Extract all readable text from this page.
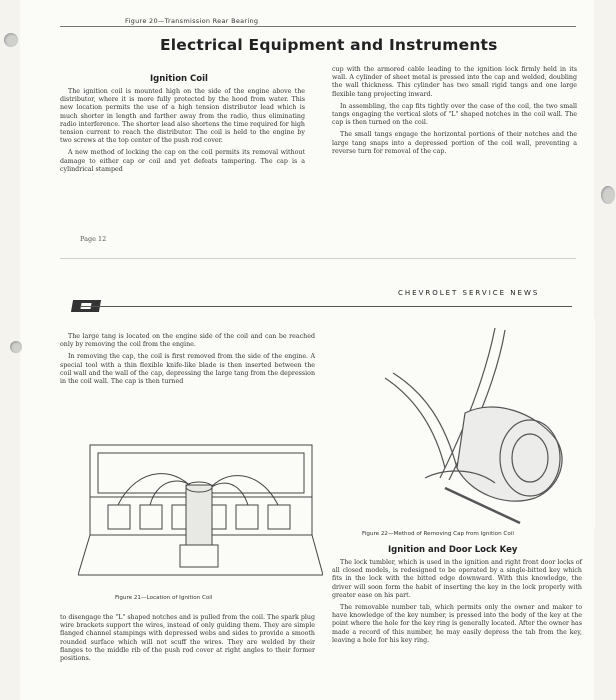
Figure 20—Transmission Rear Bearing
Electrical Equipment and Instruments
Ignition Coil

The ignition coil is mounted high on the side of the engine above the distributor, where it is more fully protected by the hood from water. This new location permits the use of a high tension distributor lead which is much shorter in length and farther away from the radio, thus eliminating radio interference. The shorter lead also shortens the time required for high tension current to reach the distributor. The coil is held to the engine by two screws at the top center of the push rod cover.

A new method of locking the cap on the coil permits its removal without damage to either cap or coil and yet defeats tampering. The cap is a cylindrical stamped

cup with the armored cable leading to the ignition lock firmly held in its wall. A cylinder of sheet metal is pressed into the cap and welded, doubling the wall thickness. This cylinder has two small rigid tangs and one large flexible tang projecting inward.

In assembling, the cap fits tightly over the case of the coil, the two small tangs engaging the vertical slots of "L" shaped notches in the coil wall. The cap is then turned on the coil.

The small tangs engage the horizontal portions of their notches and the large tang snaps into a depressed portion of the coil wall, preventing a reverse turn for removal of the cap.

Page 12
CHEVROLET SERVICE NEWS

The large tang is located on the engine side of the coil and can be reached only by removing the coil from the engine.

In removing the cap, the coil is first removed from the side of the engine. A special tool with a thin flexible knife-like blade is then inserted between the coil wall and the wall of the cap, depressing the large tang from the depression in the coil wall. The cap is then turned

Figure 21—Location of Ignition Coil

to disengage the "L" shaped notches and is pulled from the coil. The spark plug wire brackets support the wires, instead of only guiding them. They are simple flanged channel stampings with depressed webs and sides to provide a smooth rounded surface which will not scuff the wires. They are welded by their flanges to the middle rib of the push rod cover at right angles to their former positions.

Figure 22—Method of Removing Cap from Ignition Coil
Ignition and Door Lock Key

The lock tumbler, which is used in the ignition and right front door locks of all closed models, is redesigned to be operated by a single-bitted key which fits in the lock with the bitted edge downward. With this knowledge, the driver will soon form the habit of inserting the key in the lock properly with greater ease on his part.

The removable number tab, which permits only the owner and maker to have knowledge of the key number, is pressed into the body of the key at the point where the hole for the key ring is generally located. After the owner has made a record of this number, he may easily depress the tab from the key, leaving a hole for his key ring.
